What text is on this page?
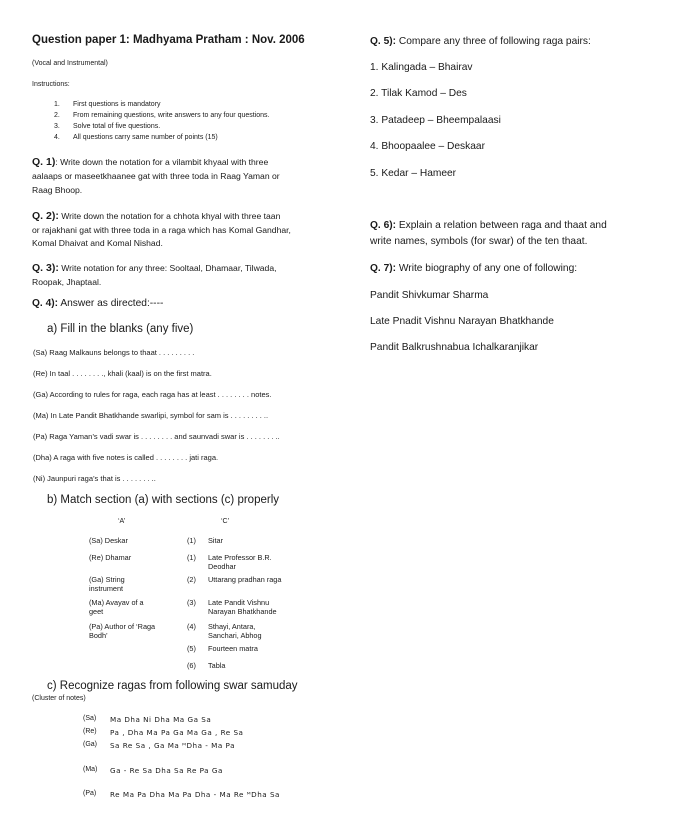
Question paper 1: Madhyama Pratham : Nov. 2006
(Vocal and Instrumental)
Instructions:
1. First questions is mandatory
2. From remaining questions, write answers to any four questions.
3. Solve total of five questions.
4. All questions carry same number of points (15)
Q. 1): Write down the notation for a vilambit khyaal with three
aalaaps or maseetkhaanee gat with three toda in Raag Yaman or
Raag Bhoop.
Q. 2): Write down the notation for a chhota khyal with three taan
or rajakhani gat with three toda in a raga which has Komal Gandhar,
Komal Dhaivat and Komal Nishad.
Q. 3): Write notation for any three: Sooltaal, Dhamaar, Tilwada,
Roopak, Jhaptaal.
Q. 4): Answer as directed:----
a) Fill in the blanks (any five)
(Sa) Raag Malkauns belongs to thaat . . . . . . . . .
(Re) In taal . . . . . . . ., khali (kaal) is on the first matra.
(Ga) According to rules for raga, each raga has at least . . . . . . . . notes.
(Ma) In Late Pandit Bhatkhande swarlipi, symbol for sam is . . . . . . . . ..
(Pa) Raga Yaman’s vadi swar is . . . . . . . . and saunvadi swar is . . . . . . . ..
(Dha) A raga with five notes is called . . . . . . . . jati raga.
(Ni) Jaunpuri raga’s that is . . . . . . . ..
b) Match section (a) with sections (c) properly
‘A’	‘C’
(Sa) Deskar
(Re) Dhamar
(Ga) String instrument
(Ma) Avayav of a geet
(Pa) Author of ‘Raga Bodh’
(1) Sitar
(1) Late Professor B.R. Deodhar
(2) Uttarang pradhan raga
(3) Late Pandit Vishnu Narayan Bhatkhande
(4) Sthayi, Antara, Sanchari, Abhog
(5) Fourteen matra
(6) Tabla
c) Recognize ragas from following swar samuday
(Cluster of notes)
(Sa) Ma Dha Ni Dha Ma Ga Sa
(Re) Pa , Dha Ma Pa Ga Ma Ga , Re Sa
(Ga) Sa Re Sa , Ga Ma ᴹDha - Ma Pa
(Ma) Ga - Re Sa Dha Sa Re Pa Ga
(Pa) Re Ma Pa Dha Ma Pa Dha - Ma Re ᴹDha Sa
Q. 5): Compare any three of following raga pairs:
1. Kalingada – Bhairav
2. Tilak Kamod – Des
3. Patadeep – Bheempalaasi
4. Bhoopaalee – Deskaar
5. Kedar – Hameer
Q. 6): Explain a relation between raga and thaat and
write names, symbols (for swar) of the ten thaat.
Q. 7): Write biography of any one of following:
Pandit Shivkumar Sharma
Late Pnadit Vishnu Narayan Bhatkhande
Pandit Balkrushnabua Ichalkaranjikar
